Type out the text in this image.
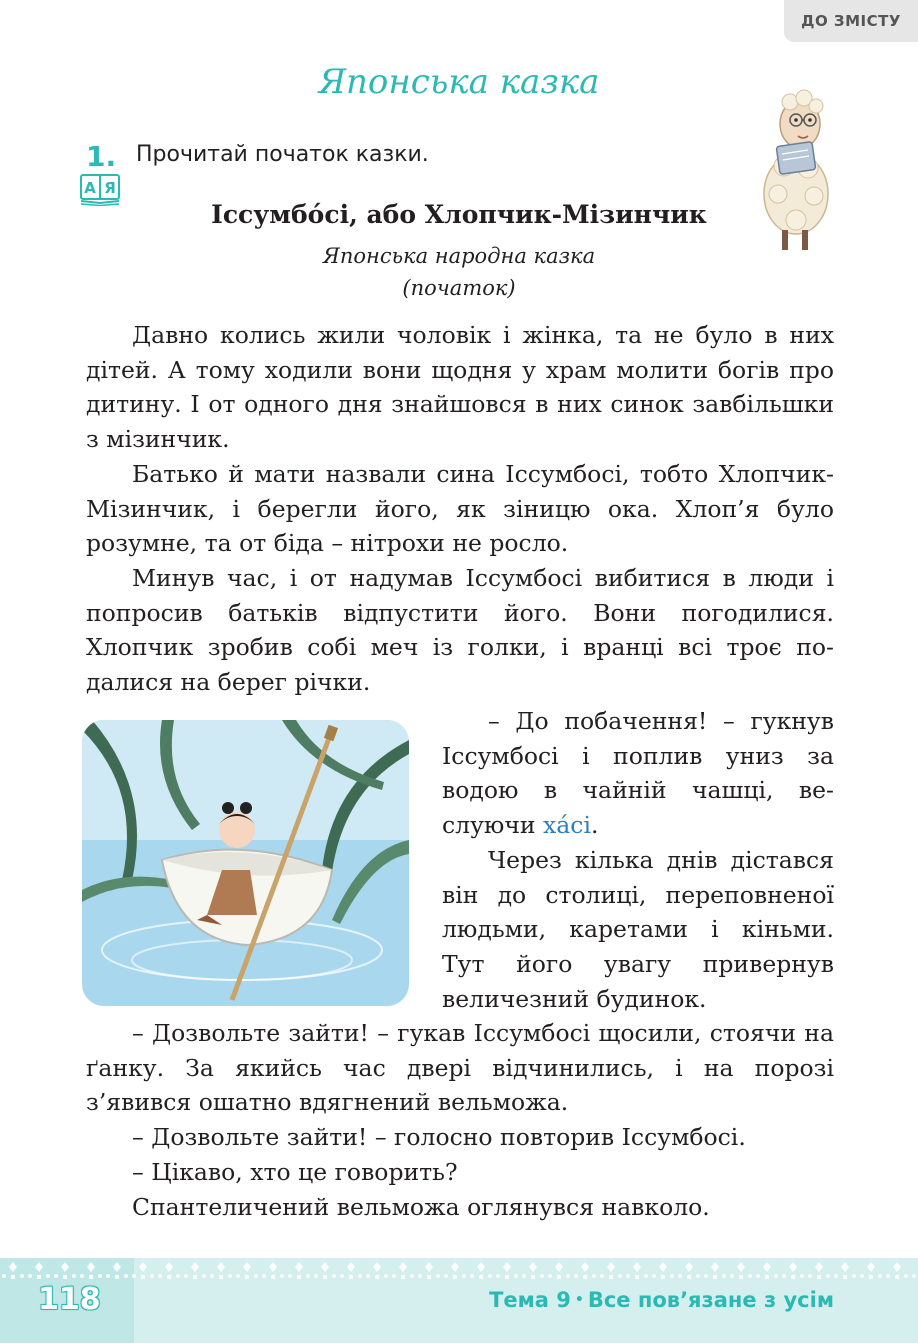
ДО ЗМІСТУ
Японська казка
1. Прочитай початок казки.
А Я
Іссумбо́сі, або Хлопчик-Мізинчик
Японська народна казка
(початок)

Давно колись жили чоловік і жінка, та не було в них дітей. А тому ходили вони щодня у храм молити богів про дитину. І от одного дня знайшовся в них синок завбільшки з мізинчик.

Батько й мати назвали сина Іссумбосі, тобто Хлопчик-Мізинчик, і берегли його, як зіницю ока. Хлоп’я було розумне, та от біда – нітрохи не росло.

Минув час, і от надумав Іссумбосі вибитися в люди і попросив батьків відпустити його. Вони погодилися. Хлопчик зробив собі меч із голки, і вранці всі троє подалися на берег річки.

– До побачення! – гукнув Іссумбосі і поплив униз за водою в чайній чашці, веслуючи ха́сі.

Через кілька днів дістався він до столиці, переповненої людьми, каретами і кіньми. Тут його увагу привернув величезний будинок.

– Дозвольте зайти! – гукав Іссумбосі щосили, стоячи на ґанку. За якийсь час двері відчинились, і на порозі з’явився ошатно вдягнений вельможа.

– Дозвольте зайти! – голосно повторив Іссумбосі.

– Цікаво, хто це говорить?

Спантеличений вельможа оглянувся навколо.

118	Тема 9 • Все пов’язане з усім
